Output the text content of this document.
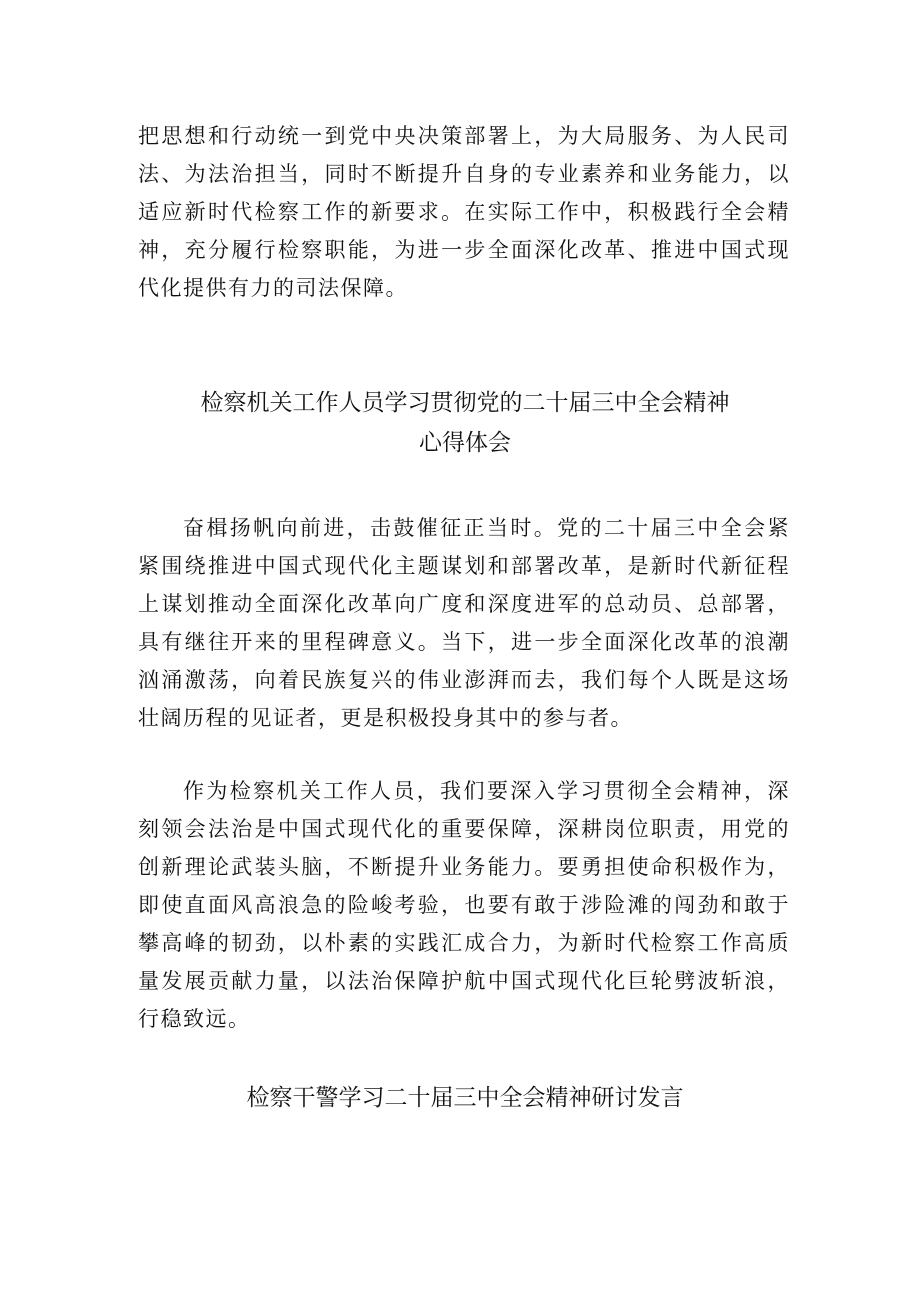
把思想和行动统一到党中央决策部署上，为大局服务、为人民司法、为法治担当，同时不断提升自身的专业素养和业务能力，以适应新时代检察工作的新要求。在实际工作中，积极践行全会精神，充分履行检察职能，为进一步全面深化改革、推进中国式现代化提供有力的司法保障。

检察机关工作人员学习贯彻党的二十届三中全会精神
心得体会

奋楫扬帆向前进，击鼓催征正当时。党的二十届三中全会紧紧围绕推进中国式现代化主题谋划和部署改革，是新时代新征程上谋划推动全面深化改革向广度和深度进军的总动员、总部署，具有继往开来的里程碑意义。当下，进一步全面深化改革的浪潮汹涌激荡，向着民族复兴的伟业澎湃而去，我们每个人既是这场壮阔历程的见证者，更是积极投身其中的参与者。

作为检察机关工作人员，我们要深入学习贯彻全会精神，深刻领会法治是中国式现代化的重要保障，深耕岗位职责，用党的创新理论武装头脑，不断提升业务能力。要勇担使命积极作为，即使直面风高浪急的险峻考验，也要有敢于涉险滩的闯劲和敢于攀高峰的韧劲，以朴素的实践汇成合力，为新时代检察工作高质量发展贡献力量，以法治保障护航中国式现代化巨轮劈波斩浪，行稳致远。

检察干警学习二十届三中全会精神研讨发言
